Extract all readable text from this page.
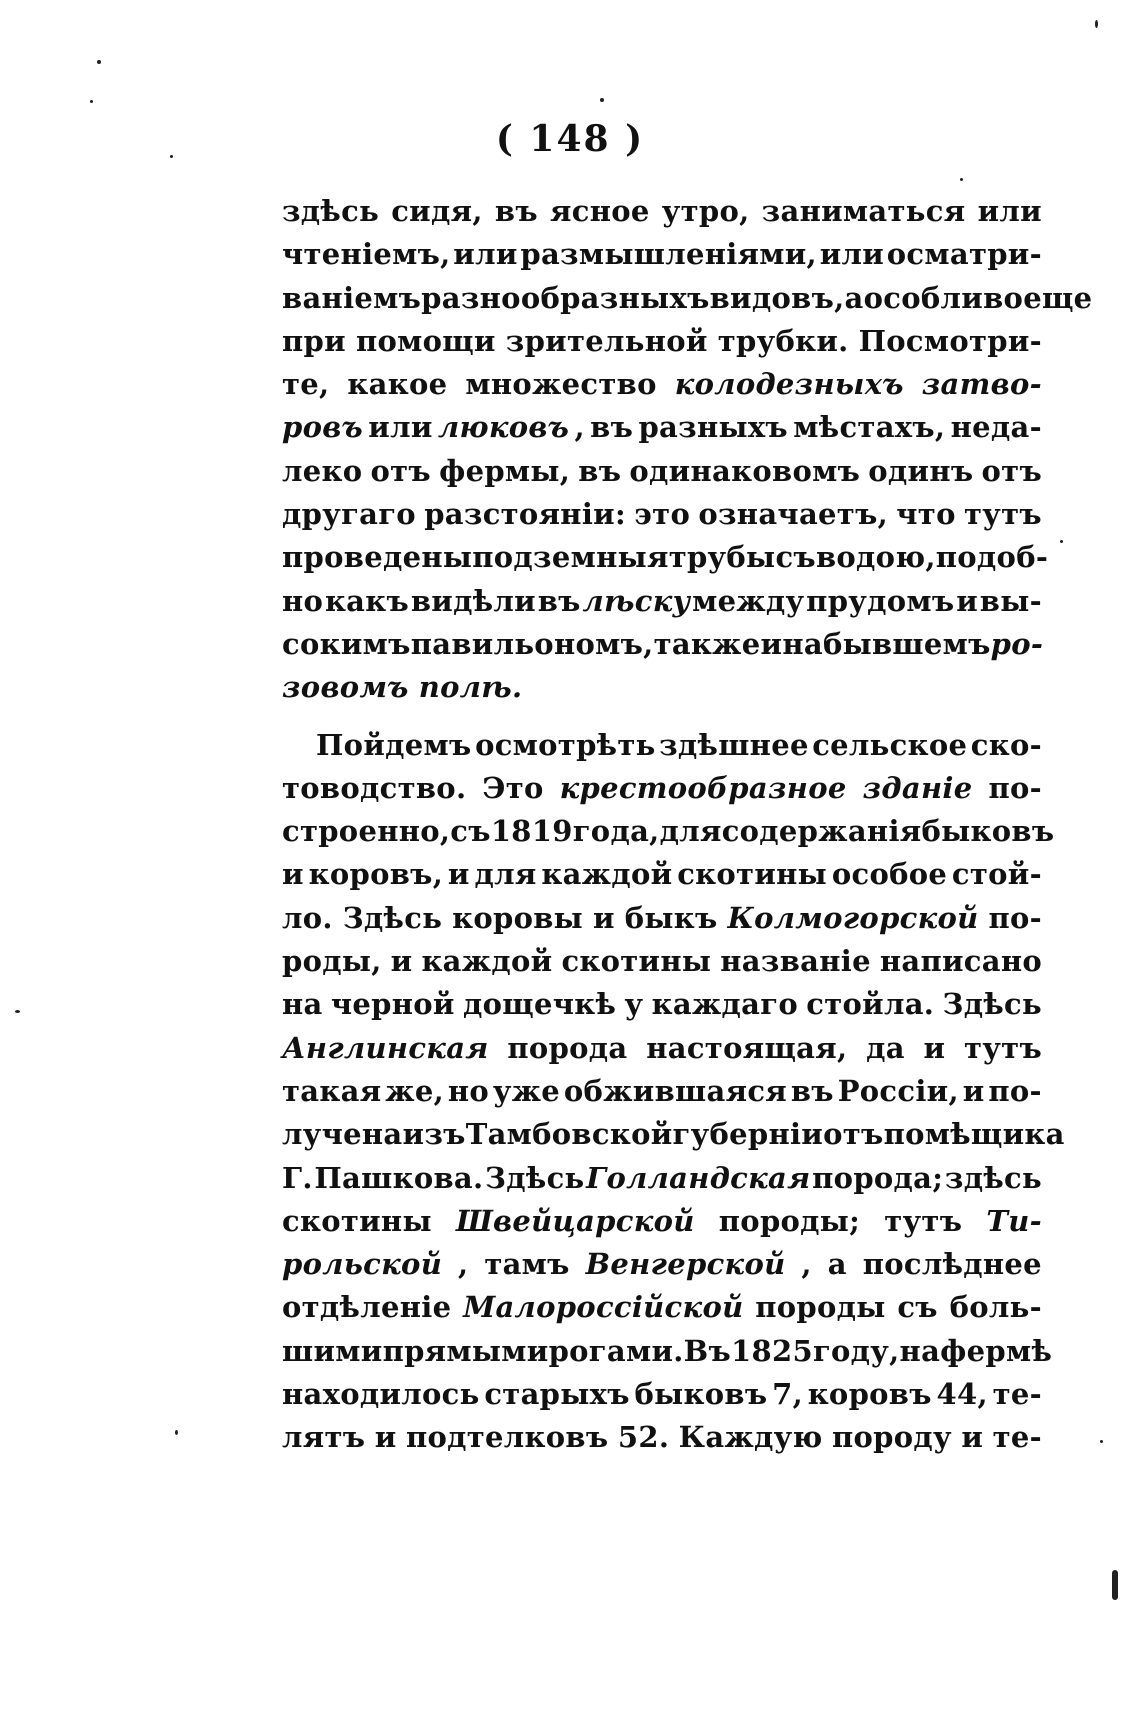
( 148 )
здѣсь сидя, въ ясное утро, заниматься или
чтеніемъ, или размышленіями, или осматри-
ваніемъ разнообразныхъ видовъ, а особливо еще
при помощи зрительной трубки. Посмотри-
те, какое множество колодезныхъ затво-
ровъ или люковъ , въ разныхъ мѣстахъ, неда-
леко отъ фермы, въ одинаковомъ одинъ отъ
другаго разстояніи: это означаетъ, что тутъ
проведены подземныя трубы съ водою, подоб-
но какъ видѣли въ лѣску между прудомъ и вы-
сокимъ павильономъ, также и на бывшемъ ро-
зовомъ полѣ.
Пойдемъ осмотрѣть здѣшнее сельское ско-
товодство. Это крестообразное зданіе по-
строенно, съ 1819 года, для содержанія быковъ
и коровъ, и для каждой скотины особое стой-
ло. Здѣсь коровы и быкъ Колмогорской по-
роды, и каждой скотины названіе написано
на черной дощечкѣ у каждаго стойла. Здѣсь
Англинская порода настоящая, да и тутъ
такая же, но уже обжившаяся въ Россіи, и по-
лучена изъ Тамбовской губерніи отъ помѣщика
Г. Пашкова. Здѣсь Голландская порода; здѣсь
скотины Швейцарской породы; тутъ Ти-
рольской , тамъ Венгерской , а послѣднее
отдѣленіе Малороссійской породы съ боль-
шими прямыми рогами. Въ 1825 году, на фермѣ
находилось старыхъ быковъ 7, коровъ 44, те-
лятъ и подтелковъ 52. Каждую породу и те-
